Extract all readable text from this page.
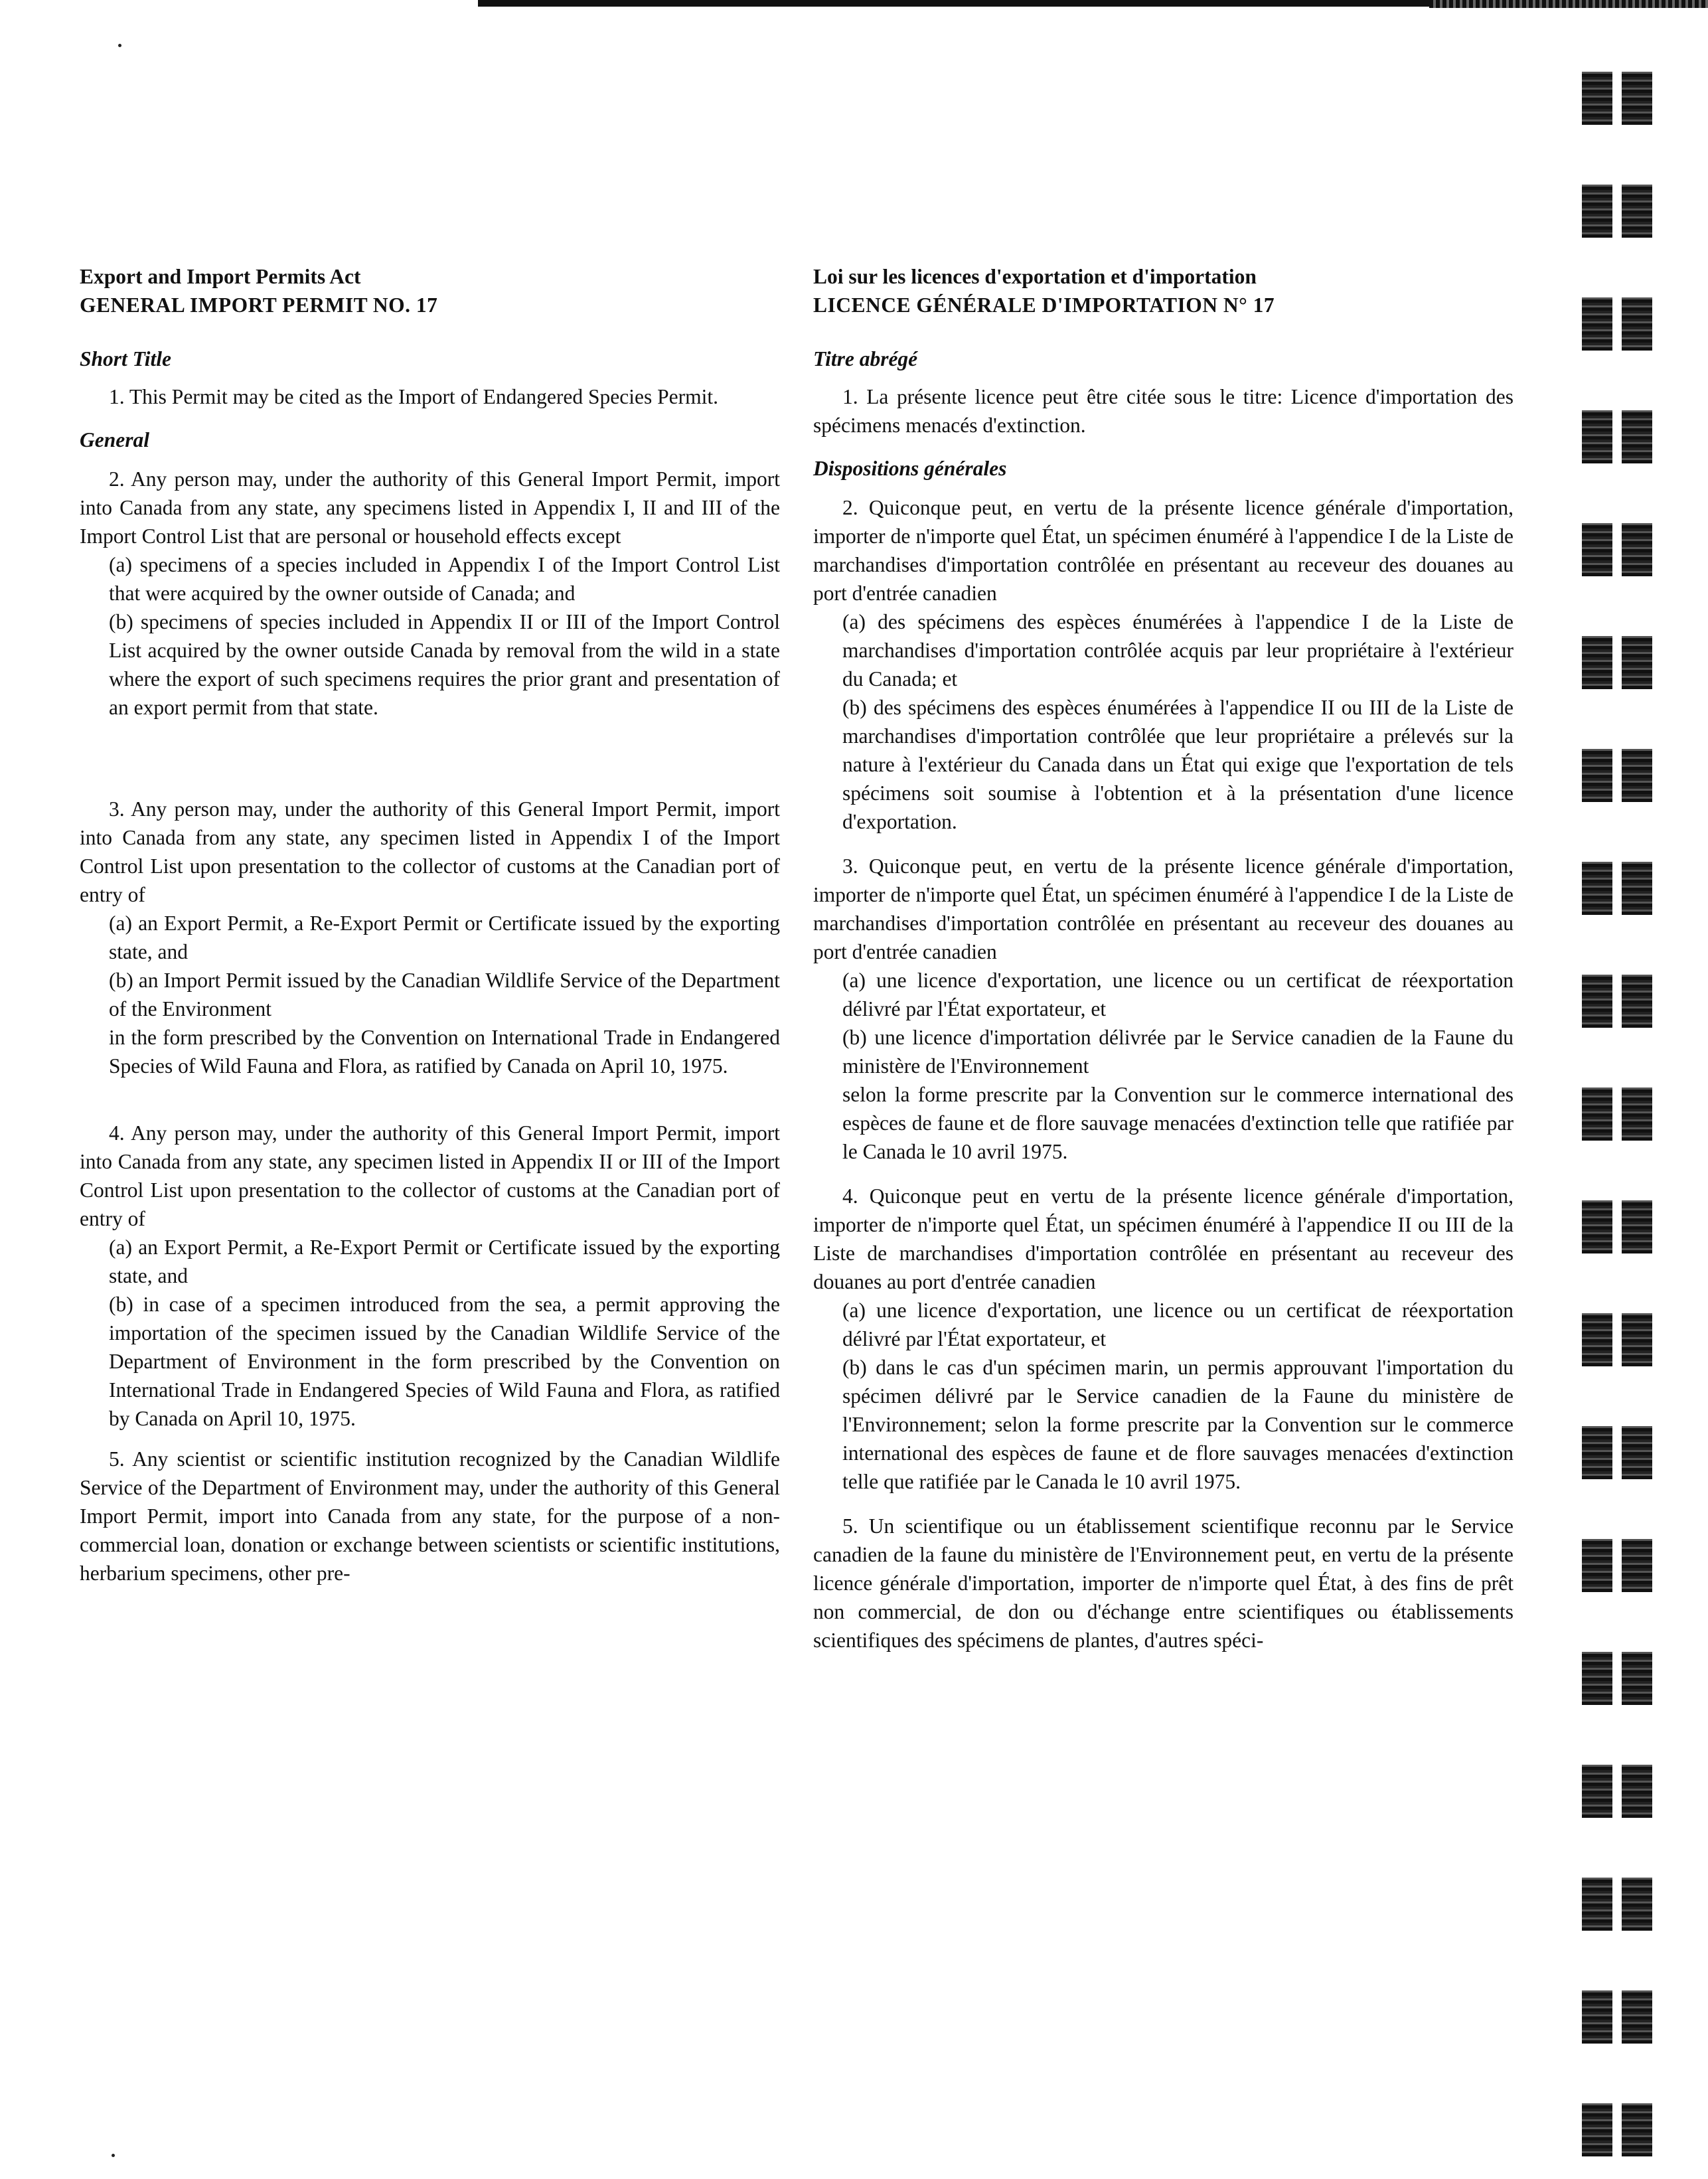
Export and Import Permits Act

GENERAL IMPORT PERMIT NO. 17

Short Title

1. This Permit may be cited as the Import of Endangered Species Permit.

General

2. Any person may, under the authority of this General Import Permit, import into Canada from any state, any specimens listed in Appendix I, II and III of the Import Control List that are personal or household effects except

(a) specimens of a species included in Appendix I of the Import Control List that were acquired by the owner outside of Canada; and

(b) specimens of species included in Appendix II or III of the Import Control List acquired by the owner outside Canada by removal from the wild in a state where the export of such specimens requires the prior grant and presentation of an export permit from that state.

3. Any person may, under the authority of this General Import Permit, import into Canada from any state, any specimen listed in Appendix I of the Import Control List upon presentation to the collector of customs at the Canadian port of entry of

(a) an Export Permit, a Re-Export Permit or Certificate issued by the exporting state, and

(b) an Import Permit issued by the Canadian Wildlife Service of the Department of the Environment

in the form prescribed by the Convention on International Trade in Endangered Species of Wild Fauna and Flora, as ratified by Canada on April 10, 1975.

4. Any person may, under the authority of this General Import Permit, import into Canada from any state, any specimen listed in Appendix II or III of the Import Control List upon presentation to the collector of customs at the Canadian port of entry of

(a) an Export Permit, a Re-Export Permit or Certificate issued by the exporting state, and

(b) in case of a specimen introduced from the sea, a permit approving the importation of the specimen issued by the Canadian Wildlife Service of the Department of Environment in the form prescribed by the Convention on International Trade in Endangered Species of Wild Fauna and Flora, as ratified by Canada on April 10, 1975.

5. Any scientist or scientific institution recognized by the Canadian Wildlife Service of the Department of Environment may, under the authority of this General Import Permit, import into Canada from any state, for the purpose of a non-commercial loan, donation or exchange between scientists or scientific institutions, herbarium specimens, other pre-

Loi sur les licences d'exportation et d'importation

LICENCE GÉNÉRALE D'IMPORTATION N° 17

Titre abrégé

1. La présente licence peut être citée sous le titre: Licence d'importation des spécimens menacés d'extinction.

Dispositions générales

2. Quiconque peut, en vertu de la présente licence générale d'importation, importer de n'importe quel État, un spécimen énuméré à l'appendice I de la Liste de marchandises d'importation contrôlée en présentant au receveur des douanes au port d'entrée canadien

(a) des spécimens des espèces énumérées à l'appendice I de la Liste de marchandises d'importation contrôlée acquis par leur propriétaire à l'extérieur du Canada; et

(b) des spécimens des espèces énumérées à l'appendice II ou III de la Liste de marchandises d'importation contrôlée que leur propriétaire a prélevés sur la nature à l'extérieur du Canada dans un État qui exige que l'exportation de tels spécimens soit soumise à l'obtention et à la présentation d'une licence d'exportation.

3. Quiconque peut, en vertu de la présente licence générale d'importation, importer de n'importe quel État, un spécimen énuméré à l'appendice I de la Liste de marchandises d'importation contrôlée en présentant au receveur des douanes au port d'entrée canadien

(a) une licence d'exportation, une licence ou un certificat de réexportation délivré par l'État exportateur, et

(b) une licence d'importation délivrée par le Service canadien de la Faune du ministère de l'Environnement

selon la forme prescrite par la Convention sur le commerce international des espèces de faune et de flore sauvage menacées d'extinction telle que ratifiée par le Canada le 10 avril 1975.

4. Quiconque peut en vertu de la présente licence générale d'importation, importer de n'importe quel État, un spécimen énuméré à l'appendice II ou III de la Liste de marchandises d'importation contrôlée en présentant au receveur des douanes au port d'entrée canadien

(a) une licence d'exportation, une licence ou un certificat de réexportation délivré par l'État exportateur, et

(b) dans le cas d'un spécimen marin, un permis approuvant l'importation du spécimen délivré par le Service canadien de la Faune du ministère de l'Environnement; selon la forme prescrite par la Convention sur le commerce international des espèces de faune et de flore sauvages menacées d'extinction telle que ratifiée par le Canada le 10 avril 1975.

5. Un scientifique ou un établissement scientifique reconnu par le Service canadien de la faune du ministère de l'Environnement peut, en vertu de la présente licence générale d'importation, importer de n'importe quel État, à des fins de prêt non commercial, de don ou d'échange entre scientifiques ou établissements scientifiques des spécimens de plantes, d'autres spéci-
